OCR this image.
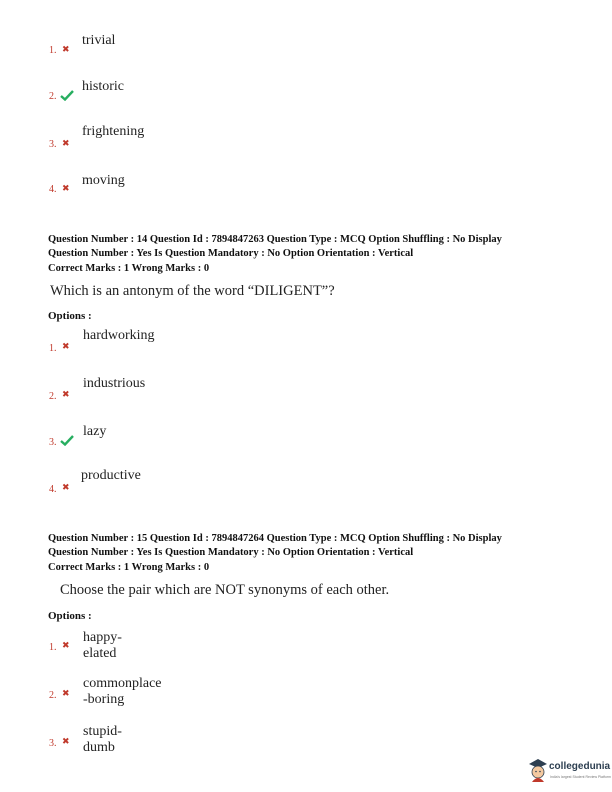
1. ✖
trivial
2.
historic
3. ✖
frightening
4. ✖
moving
Question Number : 14 Question Id : 7894847263 Question Type : MCQ Option Shuffling : No Display
Question Number : Yes Is Question Mandatory : No Option Orientation : Vertical
Correct Marks : 1 Wrong Marks : 0
Which is an antonym of the word “DILIGENT”?
Options :
1. ✖
hardworking
2. ✖
industrious
3.
lazy
4. ✖
productive
Question Number : 15 Question Id : 7894847264 Question Type : MCQ Option Shuffling : No Display
Question Number : Yes Is Question Mandatory : No Option Orientation : Vertical
Correct Marks : 1 Wrong Marks : 0
Choose the pair which are NOT synonyms of each other.
Options :
1. ✖
happy-elated
2. ✖
commonplace -boring
3. ✖
stupid-dumb
collegedunia
India's largest Student Review Platform
